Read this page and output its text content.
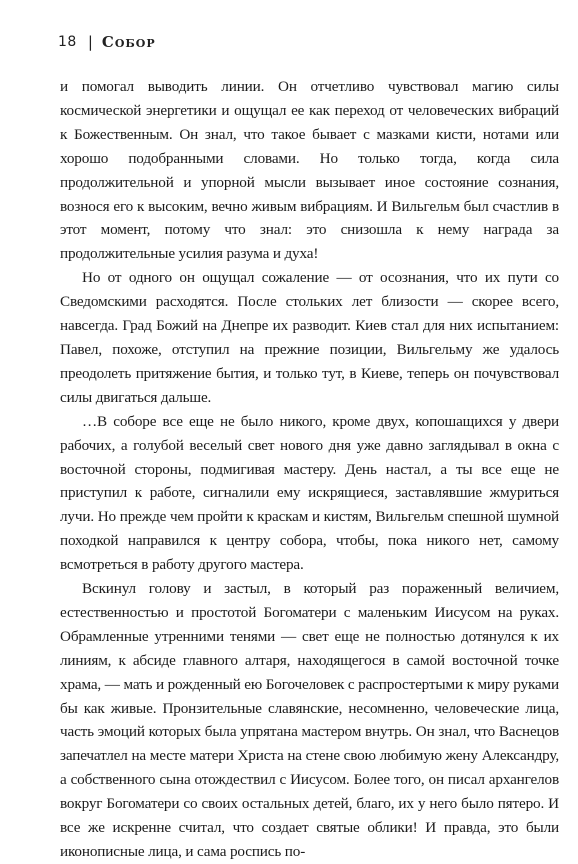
18 | Собор

и помогал выводить линии. Он отчетливо чувствовал магию силы космической энергетики и ощущал ее как переход от человеческих вибраций к Божественным. Он знал, что такое бывает с мазками кисти, нотами или хорошо подобранными словами. Но только тогда, когда сила продолжительной и упорной мысли вызывает иное состояние сознания, вознося его к высоким, вечно живым вибрациям. И Вильгельм был счастлив в этот момент, потому что знал: это снизошла к нему награда за продолжительные усилия разума и духа!

Но от одного он ощущал сожаление — от осознания, что их пути со Сведомскими расходятся. После стольких лет близости — скорее всего, навсегда. Град Божий на Днепре их разводит. Киев стал для них испытанием: Павел, похоже, отступил на прежние позиции, Вильгельму же удалось преодолеть притяжение бытия, и только тут, в Киеве, теперь он почувствовал силы двигаться дальше.

…В соборе все еще не было никого, кроме двух, копошащихся у двери рабочих, а голубой веселый свет нового дня уже давно заглядывал в окна с восточной стороны, подмигивая мастеру. День настал, а ты все еще не приступил к работе, сигналили ему искрящиеся, заставлявшие жмуриться лучи. Но прежде чем пройти к краскам и кистям, Вильгельм спешной шумной походкой направился к центру собора, чтобы, пока никого нет, самому всмотреться в работу другого мастера.

Вскинул голову и застыл, в который раз пораженный величием, естественностью и простотой Богоматери с маленьким Иисусом на руках. Обрамленные утренними тенями — свет еще не полностью дотянулся к их линиям, к абсиде главного алтаря, находящегося в самой восточной точке храма, — мать и рожденный ею Богочеловек с распростертыми к миру руками бы как живые. Пронзительные славянские, несомненно, человеческие лица, часть эмоций которых была упрятана мастером внутрь. Он знал, что Васнецов запечатлел на месте матери Христа на стене свою любимую жену Александру, а собственного сына отождествил с Иисусом. Более того, он писал архангелов вокруг Богоматери со своих остальных детей, благо, их у него было пятеро. И все же искренне считал, что создает святые облики! И правда, это были иконописные лица, и сама роспись по-
